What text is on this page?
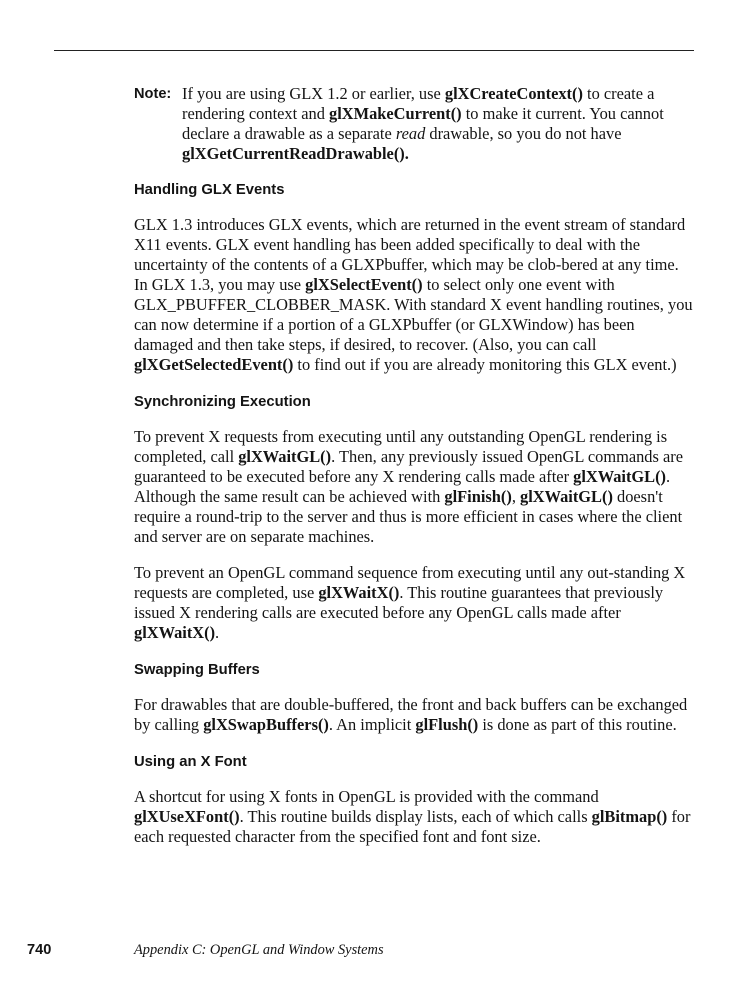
Note: If you are using GLX 1.2 or earlier, use glXCreateContext() to create a rendering context and glXMakeCurrent() to make it current. You cannot declare a drawable as a separate read drawable, so you do not have glXGetCurrentReadDrawable().
Handling GLX Events

GLX 1.3 introduces GLX events, which are returned in the event stream of standard X11 events. GLX event handling has been added specifically to deal with the uncertainty of the contents of a GLXPbuffer, which may be clob-bered at any time. In GLX 1.3, you may use glXSelectEvent() to select only one event with GLX_PBUFFER_CLOBBER_MASK. With standard X event handling routines, you can now determine if a portion of a GLXPbuffer (or GLXWindow) has been damaged and then take steps, if desired, to recover. (Also, you can call glXGetSelectedEvent() to find out if you are already monitoring this GLX event.)

Synchronizing Execution

To prevent X requests from executing until any outstanding OpenGL rendering is completed, call glXWaitGL(). Then, any previously issued OpenGL commands are guaranteed to be executed before any X rendering calls made after glXWaitGL(). Although the same result can be achieved with glFinish(), glXWaitGL() doesn't require a round-trip to the server and thus is more efficient in cases where the client and server are on separate machines.

To prevent an OpenGL command sequence from executing until any out-standing X requests are completed, use glXWaitX(). This routine guarantees that previously issued X rendering calls are executed before any OpenGL calls made after glXWaitX().

Swapping Buffers

For drawables that are double-buffered, the front and back buffers can be exchanged by calling glXSwapBuffers(). An implicit glFlush() is done as part of this routine.

Using an X Font

A shortcut for using X fonts in OpenGL is provided with the command glXUseXFont(). This routine builds display lists, each of which calls glBitmap() for each requested character from the specified font and font size.

740	Appendix C: OpenGL and Window Systems
